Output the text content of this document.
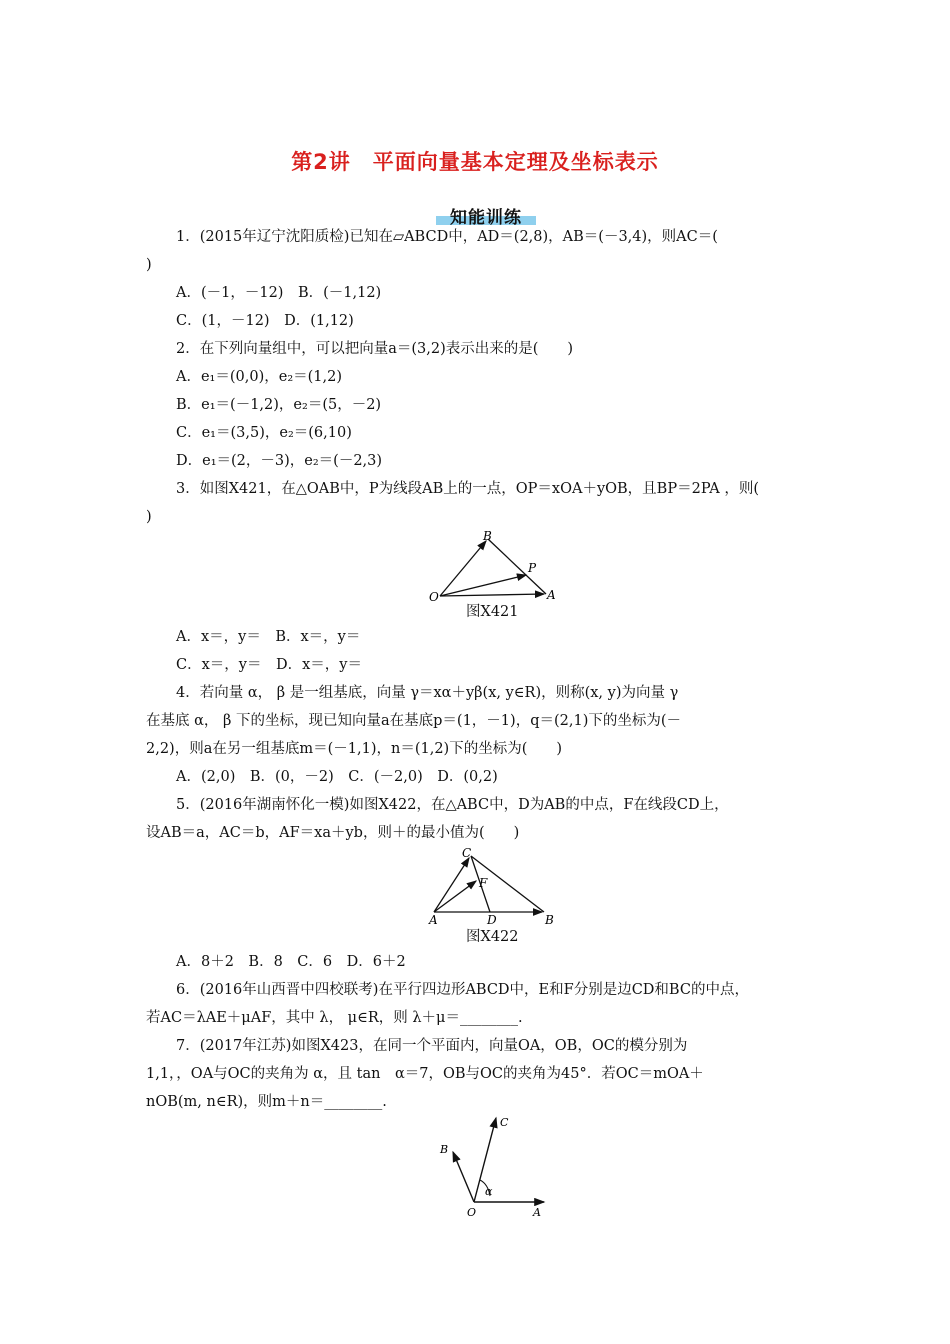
第2讲　平面向量基本定理及坐标表示
知能训练
1．(2015年辽宁沈阳质检)已知在▱ABCD中，AD＝(2,8)，AB＝(－3,4)，则AC＝(
)
A．(－1，－12)　B．(－1,12)
C．(1，－12)　D．(1,12)
2．在下列向量组中，可以把向量a＝(3,2)表示出来的是(　　)
A．e₁＝(0,0)，e₂＝(1,2)
B．e₁＝(－1,2)，e₂＝(5，－2)
C．e₁＝(3,5)，e₂＝(6,10)
D．e₁＝(2，－3)，e₂＝(－2,3)
3．如图X421，在△OAB中，P为线段AB上的一点，OP＝xOA＋yOB，且BP＝2PA ，则(
)
B
P
O	A
图X421
A．x＝，y＝　B．x＝，y＝
C．x＝，y＝　D．x＝，y＝
4．若向量 α， β 是一组基底，向量 γ＝xα＋yβ(x, y∈R)，则称(x, y)为向量 γ
在基底 α， β 下的坐标，现已知向量a在基底p＝(1，－1)，q＝(2,1)下的坐标为(－
2,2)，则a在另一组基底m＝(－1,1)，n＝(1,2)下的坐标为(　　)
A．(2,0)　B．(0，－2)　C．(－2,0)　D．(0,2)
5．(2016年湖南怀化一模)如图X422，在△ABC中，D为AB的中点，F在线段CD上，
设AB＝a，AC＝b，AF＝xa＋yb，则＋的最小值为(　　)
C
F
A	D	B
图X422
A．8＋2　B．8　C．6　D．6＋2
6．(2016年山西晋中四校联考)在平行四边形ABCD中，E和F分别是边CD和BC的中点，
若AC＝λAE＋μAF，其中 λ， μ∈R，则 λ＋μ＝________.
7．(2017年江苏)如图X423，在同一个平面内，向量OA，OB，OC的模分别为
1,1，，OA与OC的夹角为 α，且 tan　α＝7，OB与OC的夹角为45°．若OC＝mOA＋
nOB(m, n∈R)，则m＋n＝________.
C
B
α
O	A
